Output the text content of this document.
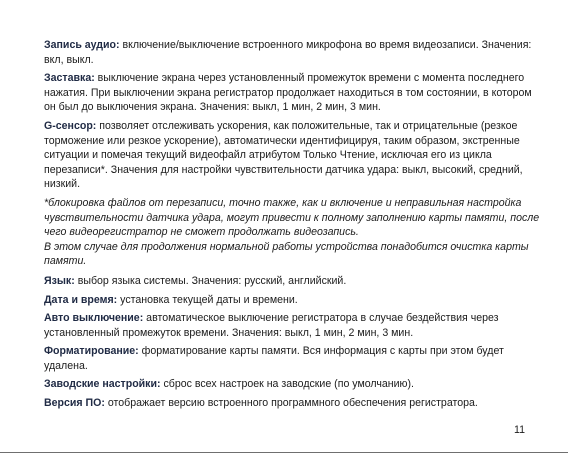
Запись аудио: включение/выключение встроенного микрофона во время видеозаписи. Значения: вкл, выкл.

Заставка: выключение экрана через установленный промежуток времени с момента последнего нажатия. При выключении экрана регистратор продолжает находиться в том состоянии, в котором он был до выключения экрана. Значения: выкл, 1 мин, 2 мин, 3 мин.

G-сенсор: позволяет отслеживать ускорения, как положительные, так и отрицательные (резкое торможение или резкое ускорение), автоматически идентифицируя, таким образом, экстренные ситуации и помечая текущий видеофайл атрибутом Только Чтение, исключая его из цикла перезаписи*. Значения для настройки чувствительности датчика удара: выкл, высокий, средний, низкий.

*блокировка файлов от перезаписи, точно также, как и включение и неправильная настройка чувствительности датчика удара, могут привести к полному заполнению карты памяти, после чего видеорегистратор не сможет продолжать видеозапись.
В этом случае для продолжения нормальной работы устройства понадобится очистка карты памяти.

Язык: выбор языка системы. Значения: русский, английский.

Дата и время: установка текущей даты и времени.

Авто выключение: автоматическое выключение регистратора в случае бездействия через установленный промежуток времени. Значения: выкл, 1 мин, 2 мин, 3 мин.

Форматирование: форматирование карты памяти. Вся информация с карты при этом будет удалена.

Заводские настройки: сброс всех настроек на заводские (по умолчанию).

Версия ПО: отображает версию встроенного программного обеспечения регистратора.

11
